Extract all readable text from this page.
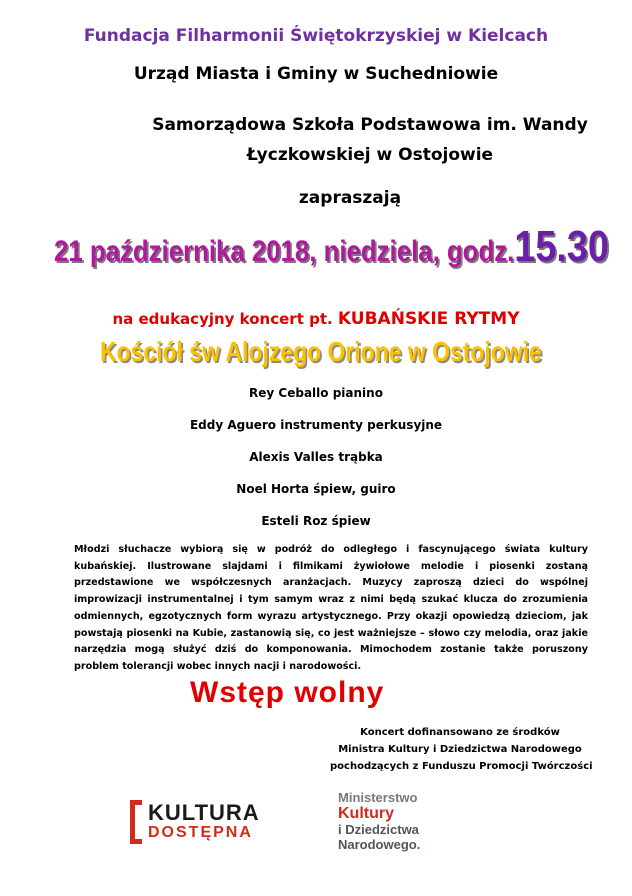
Fundacja Filharmonii Świętokrzyskiej w Kielcach
Urząd Miasta i Gminy w Suchedniowie
Samorządowa Szkoła Podstawowa im. Wandy Łyczkowskiej w Ostojowie
zapraszają
21 października 2018, niedziela, godz.15.30
na edukacyjny koncert pt. KUBAŃSKIE RYTMY
Kościół św Alojzego Orione w Ostojowie
Rey Ceballo pianino
Eddy Aguero instrumenty perkusyjne
Alexis Valles trąbka
Noel Horta śpiew, guiro
Esteli Roz śpiew
Młodzi słuchacze wybiorą się w podróż do odległego i fascynującego świata kultury kubańskiej. Ilustrowane slajdami i filmikami żywiołowe melodie i piosenki zostaną przedstawione we współczesnych aranżacjach. Muzycy zaproszą dzieci do wspólnej improwizacji instrumentalnej i tym samym wraz z nimi będą szukać klucza do zrozumienia odmiennych, egzotycznych form wyrazu artystycznego. Przy okazji opowiedzą dzieciom, jak powstają piosenki na Kubie, zastanowią się, co jest ważniejsze – słowo czy melodia, oraz jakie narzędzia mogą służyć dziś do komponowania. Mimochodem zostanie także poruszony problem tolerancji wobec innych nacji i narodowości.
Wstęp wolny
Koncert dofinansowano ze środków
Ministra Kultury i Dziedzictwa Narodowego
pochodzących z Funduszu Promocji Twórczości
KULTURA
DOSTĘPNA
Ministerstwo
Kultury
i Dziedzictwa
Narodowego.
